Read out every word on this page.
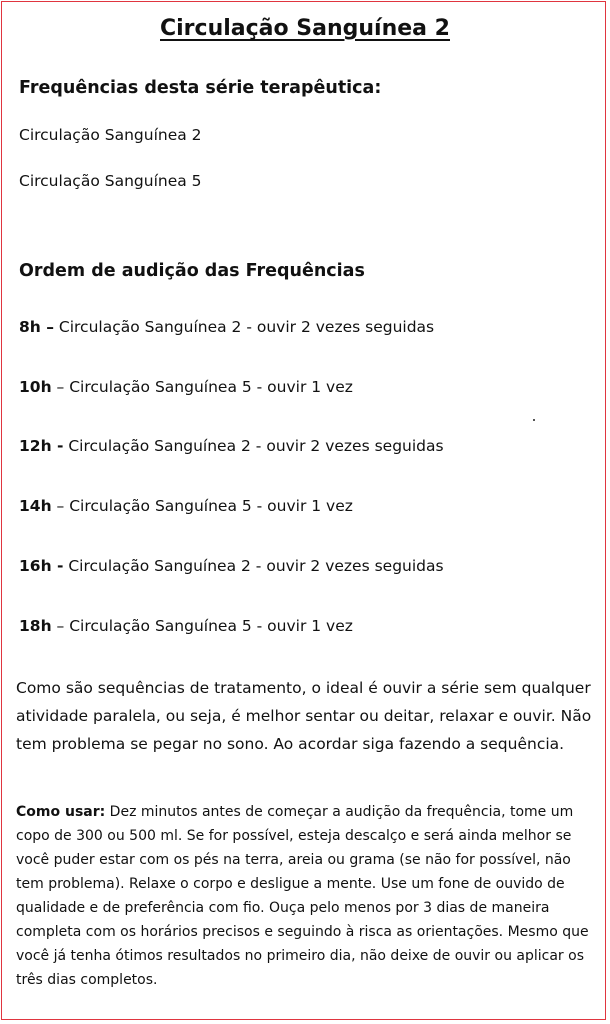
Circulação Sanguínea 2
Frequências desta série terapêutica:
Circulação Sanguínea 2
Circulação Sanguínea 5
Ordem de audição das Frequências
8h – Circulação Sanguínea 2 - ouvir 2 vezes seguidas
10h – Circulação Sanguínea 5 - ouvir 1 vez
12h - Circulação Sanguínea 2 - ouvir 2 vezes seguidas
14h – Circulação Sanguínea 5 - ouvir 1 vez
16h - Circulação Sanguínea 2 - ouvir 2 vezes seguidas
18h – Circulação Sanguínea 5 - ouvir 1 vez
Como são sequências de tratamento, o ideal é ouvir a série sem qualquer atividade paralela, ou seja, é melhor sentar ou deitar, relaxar e ouvir. Não tem problema se pegar no sono. Ao acordar siga fazendo a sequência.
Como usar: Dez minutos antes de começar a audição da frequência, tome um copo de 300 ou 500 ml. Se for possível, esteja descalço e será ainda melhor se você puder estar com os pés na terra, areia ou grama (se não for possível, não tem problema). Relaxe o corpo e desligue a mente. Use um fone de ouvido de qualidade e de preferência com fio. Ouça pelo menos por 3 dias de maneira completa com os horários precisos e seguindo à risca as orientações. Mesmo que você já tenha ótimos resultados no primeiro dia, não deixe de ouvir ou aplicar os três dias completos.
